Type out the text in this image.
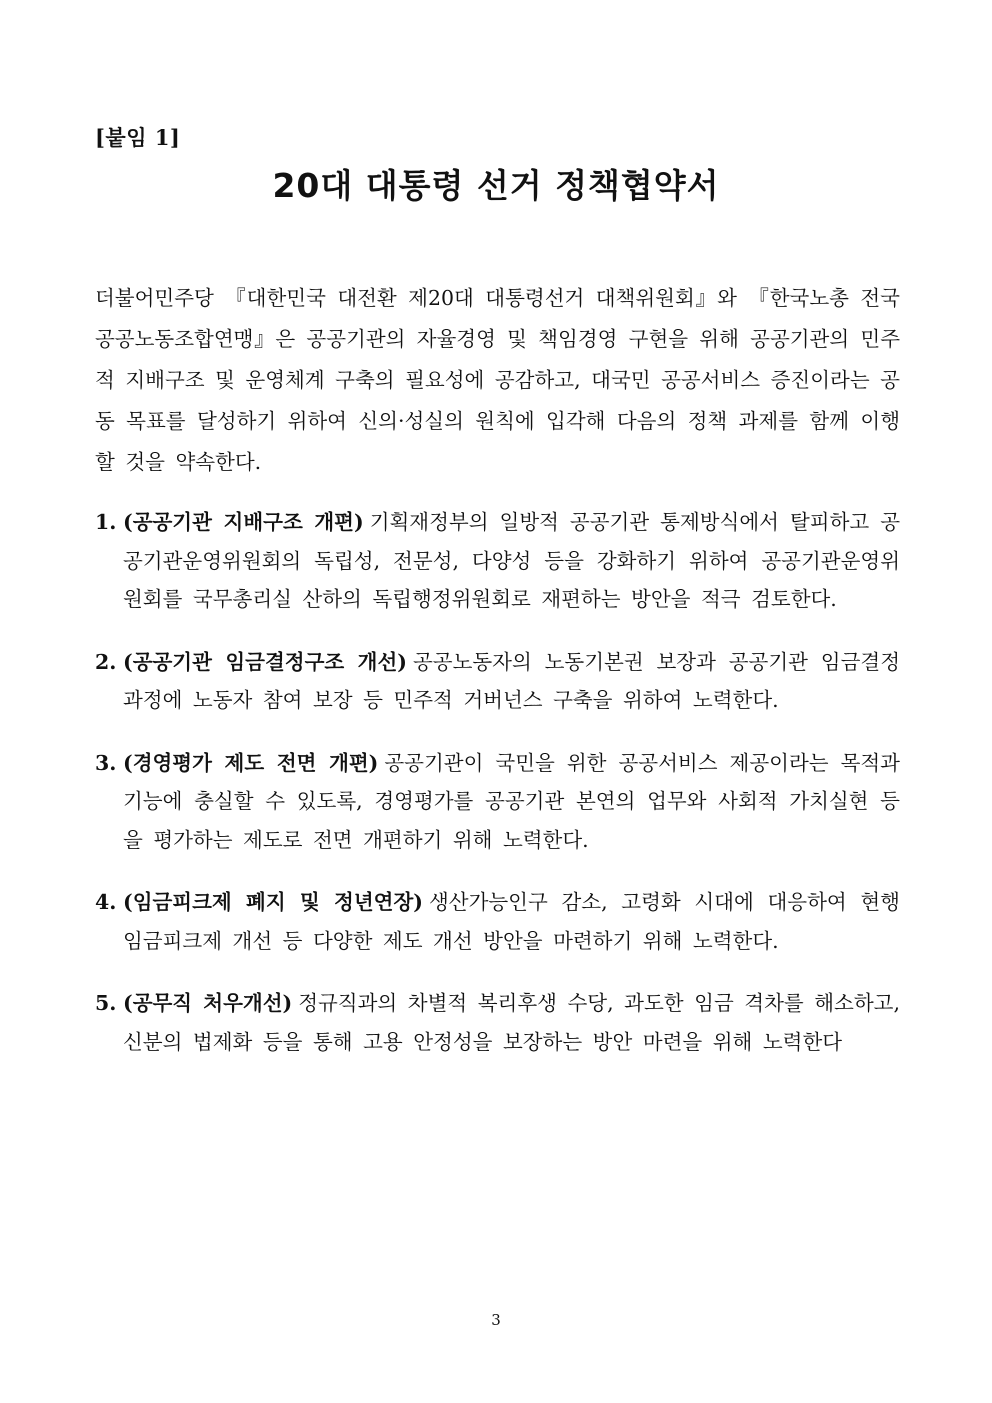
[붙임 1]
20대 대통령 선거 정책협약서

더불어민주당 『대한민국 대전환 제20대 대통령선거 대책위원회』와 『한국노총 전국공공노동조합연맹』은 공공기관의 자율경영 및 책임경영 구현을 위해 공공기관의 민주적 지배구조 및 운영체계 구축의 필요성에 공감하고, 대국민 공공서비스 증진이라는 공동 목표를 달성하기 위하여 신의·성실의 원칙에 입각해 다음의 정책 과제를 함께 이행할 것을 약속한다.

1. (공공기관 지배구조 개편) 기획재정부의 일방적 공공기관 통제방식에서 탈피하고 공공기관운영위원회의 독립성, 전문성, 다양성 등을 강화하기 위하여 공공기관운영위원회를 국무총리실 산하의 독립행정위원회로 재편하는 방안을 적극 검토한다.
2. (공공기관 임금결정구조 개선) 공공노동자의 노동기본권 보장과 공공기관 임금결정 과정에 노동자 참여 보장 등 민주적 거버넌스 구축을 위하여 노력한다.
3. (경영평가 제도 전면 개편) 공공기관이 국민을 위한 공공서비스 제공이라는 목적과 기능에 충실할 수 있도록, 경영평가를 공공기관 본연의 업무와 사회적 가치실현 등을 평가하는 제도로 전면 개편하기 위해 노력한다.
4. (임금피크제 폐지 및 정년연장) 생산가능인구 감소, 고령화 시대에 대응하여 현행 임금피크제 개선 등 다양한 제도 개선 방안을 마련하기 위해 노력한다.
5. (공무직 처우개선) 정규직과의 차별적 복리후생 수당, 과도한 임금 격차를 해소하고, 신분의 법제화 등을 통해 고용 안정성을 보장하는 방안 마련을 위해 노력한다
3
